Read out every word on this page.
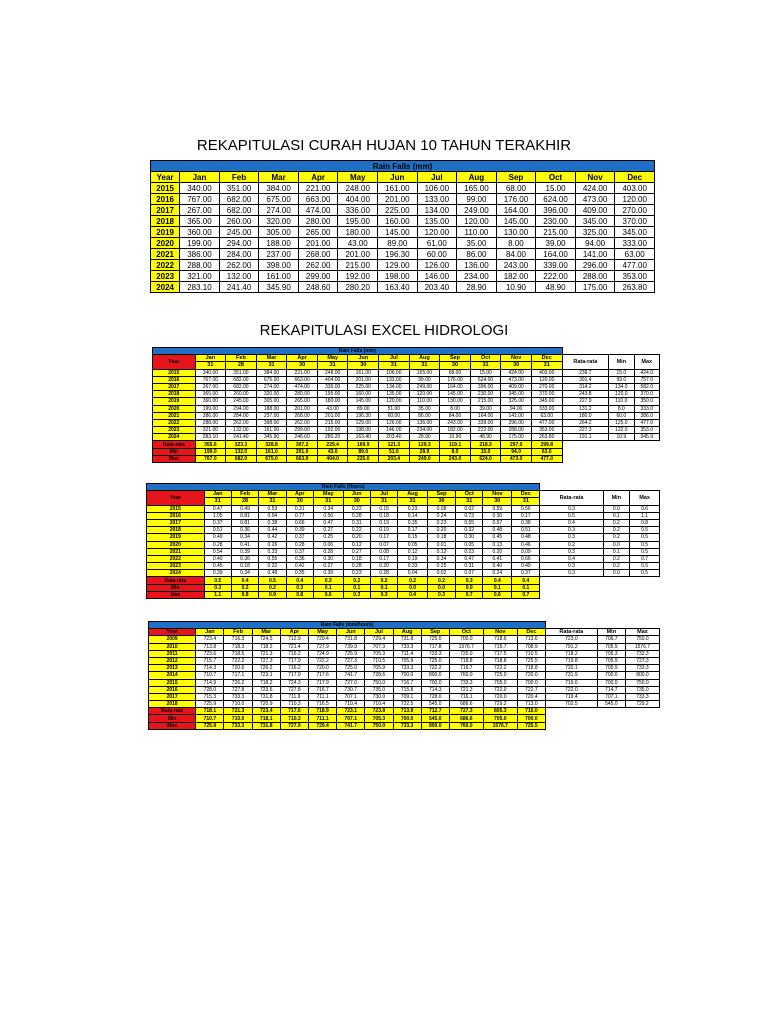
REKAPITULASI CURAH HUJAN 10 TAHUN TERAKHIR
Rain Falls (mm)												
Year	Jan	Feb	Mar	Apr	May	Jun	Jul	Aug	Sep	Oct	Nov	Dec
2015	340.00	351.00	384.00	221.00	248.00	161.00	106.00	165.00	68.00	15.00	424.00	403.00
2016	767.00	682.00	675.00	663.00	404.00	201.00	133.00	99.00	176.00	624.00	473.00	120.00
2017	267.00	682.00	274.00	474.00	336.00	225.00	134.00	249.00	164.00	396.00	409.00	270.00
2018	365.00	260.00	320.00	280.00	195.00	160.00	135.00	120.00	145.00	230.00	345.00	370.00
2019	360.00	245.00	305.00	265.00	180.00	145.00	120.00	110.00	130.00	215.00	325.00	345.00
2020	199.00	294.00	188.00	201.00	43.00	89.00	61.00	35.00	8.00	39.00	94.00	333.00
2021	386.00	284.00	237.00	268.00	201.00	196.30	60.00	86.00	84.00	164.00	141.00	63.00
2022	288.00	262.00	398.00	262.00	215.00	129.00	126.00	136.00	243.00	339.00	296.00	477.00
2023	321.00	132.00	161.00	299.00	192.00	198.00	146.00	234.00	182.00	222.00	288.00	353.00
2024	283.10	241.40	345.90	248.60	280.20	163.40	203.40	28.90	10.90	48.90	175.00	263.80
REKAPITULASI EXCEL HIDROLOGI
Rain Falls (mm)															
Year	Jan	Feb	Mar	Apr	May	Jun	Jul	Aug	Sep	Oct	Nov	Dec	Rata-rata	Min	Max
	31	28	31	30	31	30	31	31	30	31	30	31			
2015	340.00	351.00	384.00	221.00	248.00	161.00	106.00	165.00	68.00	15.00	424.00	403.00	239.7	15.0	424.0
2016	767.00	682.00	675.00	663.00	404.00	201.00	133.00	99.00	176.00	624.00	473.00	120.00	391.4	99.0	757.0
2017	267.00	682.00	274.00	474.00	336.00	225.00	134.00	249.00	164.00	396.00	409.00	270.00	314.2	134.0	582.0
2018	365.00	260.00	320.00	280.00	195.00	160.00	135.00	120.00	145.00	230.00	345.00	370.00	243.8	120.0	370.0
2019	360.00	245.00	305.00	265.00	180.00	145.00	120.00	110.00	130.00	215.00	325.00	345.00	227.9	110.0	350.0
2020	199.00	294.00	188.00	201.00	43.00	89.00	51.00	35.00	8.00	39.00	94.00	333.00	131.2	8.0	333.0
2021	386.00	284.00	237.00	268.00	201.00	196.30	60.00	86.00	84.00	164.00	141.00	63.00	180.0	60.0	386.0
2022	288.00	262.00	398.00	262.00	215.00	129.00	126.00	136.00	243.00	339.00	296.00	477.00	264.2	125.0	477.0
2023	321.00	132.00	161.00	299.00	192.00	198.00	146.00	234.00	182.00	222.00	288.00	353.00	227.3	122.0	353.0
2024	283.10	241.40	345.90	248.60	280.20	163.40	203.40	28.90	10.90	48.90	175.00	263.80	191.1	10.9	345.9
Rata-rata	355.6	323.3	328.8	307.2	229.4	169.9	121.3	129.3	119.1	218.3	297.0	299.8			
Min	199.0	132.0	161.0	201.0	43.0	89.0	51.0	28.9	8.0	15.0	94.0	63.0			
Max	767.0	682.0	675.0	663.0	404.0	225.0	203.4	249.0	243.0	624.0	473.0	477.0			
Rain Falls (Hours)															
Year	Jan	Feb	Mar	Apr	May	Jun	Jul	Aug	Sep	Oct	Nov	Dec	Rata-rata	Min	Max
	31	28	31	30	31	30	31	31	30	31	30	31			
2015	0.47	0.49	0.53	0.31	0.34	0.22	0.15	0.23	0.08	0.02	0.59	0.56	0.3	0.0	0.6
2016	1.05	0.81	0.94	0.77	0.56	0.28	0.18	0.14	0.24	0.73	0.30	0.17	0.5	0.1	1.1
2017	0.37	0.81	0.38	0.66	0.47	0.31	0.19	0.35	0.23	0.55	0.57	0.38	0.4	0.2	0.8
2018	0.51	0.36	0.44	0.39	0.27	0.22	0.19	0.17	0.20	0.32	0.48	0.51	0.3	0.2	0.5
2019	0.49	0.34	0.42	0.37	0.25	0.20	0.17	0.15	0.18	0.30	0.45	0.48	0.3	0.2	0.5
2020	0.28	0.41	0.26	0.28	0.06	0.12	0.07	0.05	0.01	0.05	0.13	0.46	0.2	0.0	0.5
2021	0.54	0.39	0.33	0.37	0.28	0.27	0.08	0.12	0.12	0.23	0.20	0.09	0.3	0.1	0.5
2022	0.40	0.36	0.55	0.36	0.30	0.18	0.17	0.19	0.34	0.47	0.41	0.66	0.4	0.2	0.7
2023	0.45	0.18	0.22	0.42	0.27	0.28	0.20	0.33	0.25	0.31	0.40	0.49	0.3	0.2	0.5
2024	0.39	0.34	0.48	0.35	0.39	0.23	0.28	0.04	0.02	0.07	0.24	0.37	0.3	0.0	0.5
Rata-rata	0.5	0.4	0.5	0.4	0.3	0.2	0.2	0.2	0.2	0.3	0.4	0.4			
Min	0.3	0.2	0.2	0.3	0.1	0.1	0.1	0.0	0.0	0.0	0.1	0.1			
Max	1.1	0.8	0.9	0.8	0.6	0.3	0.3	0.4	0.3	0.7	0.6	0.7			
Rain Falls (mm/hours)															
Year	Jan	Feb	Mar	Apr	May	Jun	Jul	Aug	Sep	Oct	Nov	Dec	Rata-rata	Min	Max
2009	723.4	716.3	724.5	712.9	729.4	731.8	729.4	731.8	725.0	700.0	718.6	713.6	723.0	706.7	750.0
2010	713.8	718.3	718.2	721.4	727.9	739.9	707.3	733.3	717.8	1576.7	715.7	708.9	791.2	705.9	1576.7
2011	723.6	718.5	721.3	716.2	724.9	725.9	705.3	711.4	733.3	720.0	717.5	710.5	718.2	705.3	733.3
2012	715.7	722.2	727.3	717.9	722.2	727.3	710.5	705.9	725.0	718.8	718.8	725.5	719.8	705.9	727.3
2013	714.3	720.6	726.2	716.2	720.0	725.0	705.9	733.3	722.2	716.7	722.2	718.8	720.1	705.9	733.3
2014	710.7	717.1	723.1	717.9	717.6	741.7	728.6	700.0	800.0	760.0	725.0	720.0	731.9	700.0	800.0
2015	714.9	726.2	718.2	724.3	717.9	727.0	750.0	716.7	700.0	733.3	705.0	700.0	719.6	700.0	750.0
2016	728.0	727.8	723.6	727.8	716.7	730.7	735.0	715.8	714.3	721.3	722.0	722.7	722.0	714.7	735.0
2017	715.3	733.3	731.8	711.9	711.1	707.1	730.0	709.1	728.0	716.1	720.0	720.4	719.4	707.1	733.3
2018	725.9	710.0	720.9	710.3	716.5	710.4	710.4	722.5	545.0	686.6	729.2	713.0	702.5	545.0	729.2
Rata-rata	718.1	721.3	723.4	717.6	718.9	723.1	723.8	713.9	712.7	727.3	805.3	716.0			
Min	710.7	710.0	718.1	710.3	711.1	707.1	705.3	700.0	545.0	686.6	705.0	700.0			
Max	725.9	733.3	731.8	727.9	729.4	741.7	750.0	733.3	800.0	760.0	1576.7	725.5			
